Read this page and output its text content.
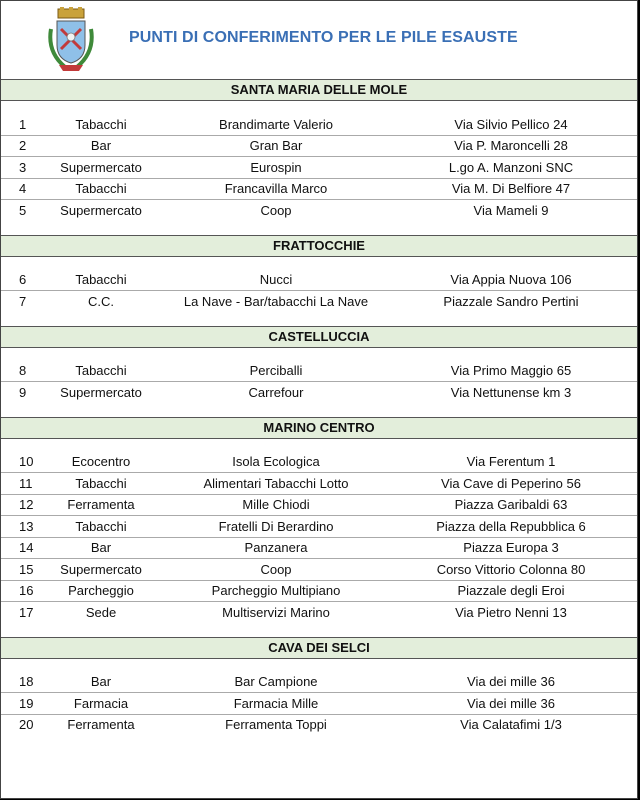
PUNTI DI CONFERIMENTO PER LE PILE ESAUSTE
SANTA MARIA DELLE MOLE
1	Tabacchi	Brandimarte Valerio	Via Silvio Pellico 24
2	Bar	Gran Bar	Via P. Maroncelli 28
3	Supermercato	Eurospin	L.go A. Manzoni SNC
4	Tabacchi	Francavilla Marco	Via M. Di Belfiore 47
5	Supermercato	Coop	Via Mameli 9
FRATTOCCHIE
6	Tabacchi	Nucci	Via Appia Nuova 106
7	C.C.	La Nave - Bar/tabacchi La Nave	Piazzale Sandro Pertini
CASTELLUCCIA
8	Tabacchi	Perciballi	Via Primo Maggio 65
9	Supermercato	Carrefour	Via Nettunense km 3
MARINO CENTRO
10	Ecocentro	Isola Ecologica	Via Ferentum 1
11	Tabacchi	Alimentari Tabacchi Lotto	Via Cave di Peperino 56
12	Ferramenta	Mille Chiodi	Piazza Garibaldi 63
13	Tabacchi	Fratelli Di Berardino	Piazza della Repubblica 6
14	Bar	Panzanera	Piazza Europa 3
15	Supermercato	Coop	Corso Vittorio Colonna 80
16	Parcheggio	Parcheggio Multipiano	Piazzale degli Eroi
17	Sede	Multiservizi Marino	Via Pietro Nenni 13
CAVA DEI SELCI
18	Bar	Bar Campione	Via dei mille 36
19	Farmacia	Farmacia Mille	Via dei mille 36
20	Ferramenta	Ferramenta Toppi	Via Calatafimi 1/3
